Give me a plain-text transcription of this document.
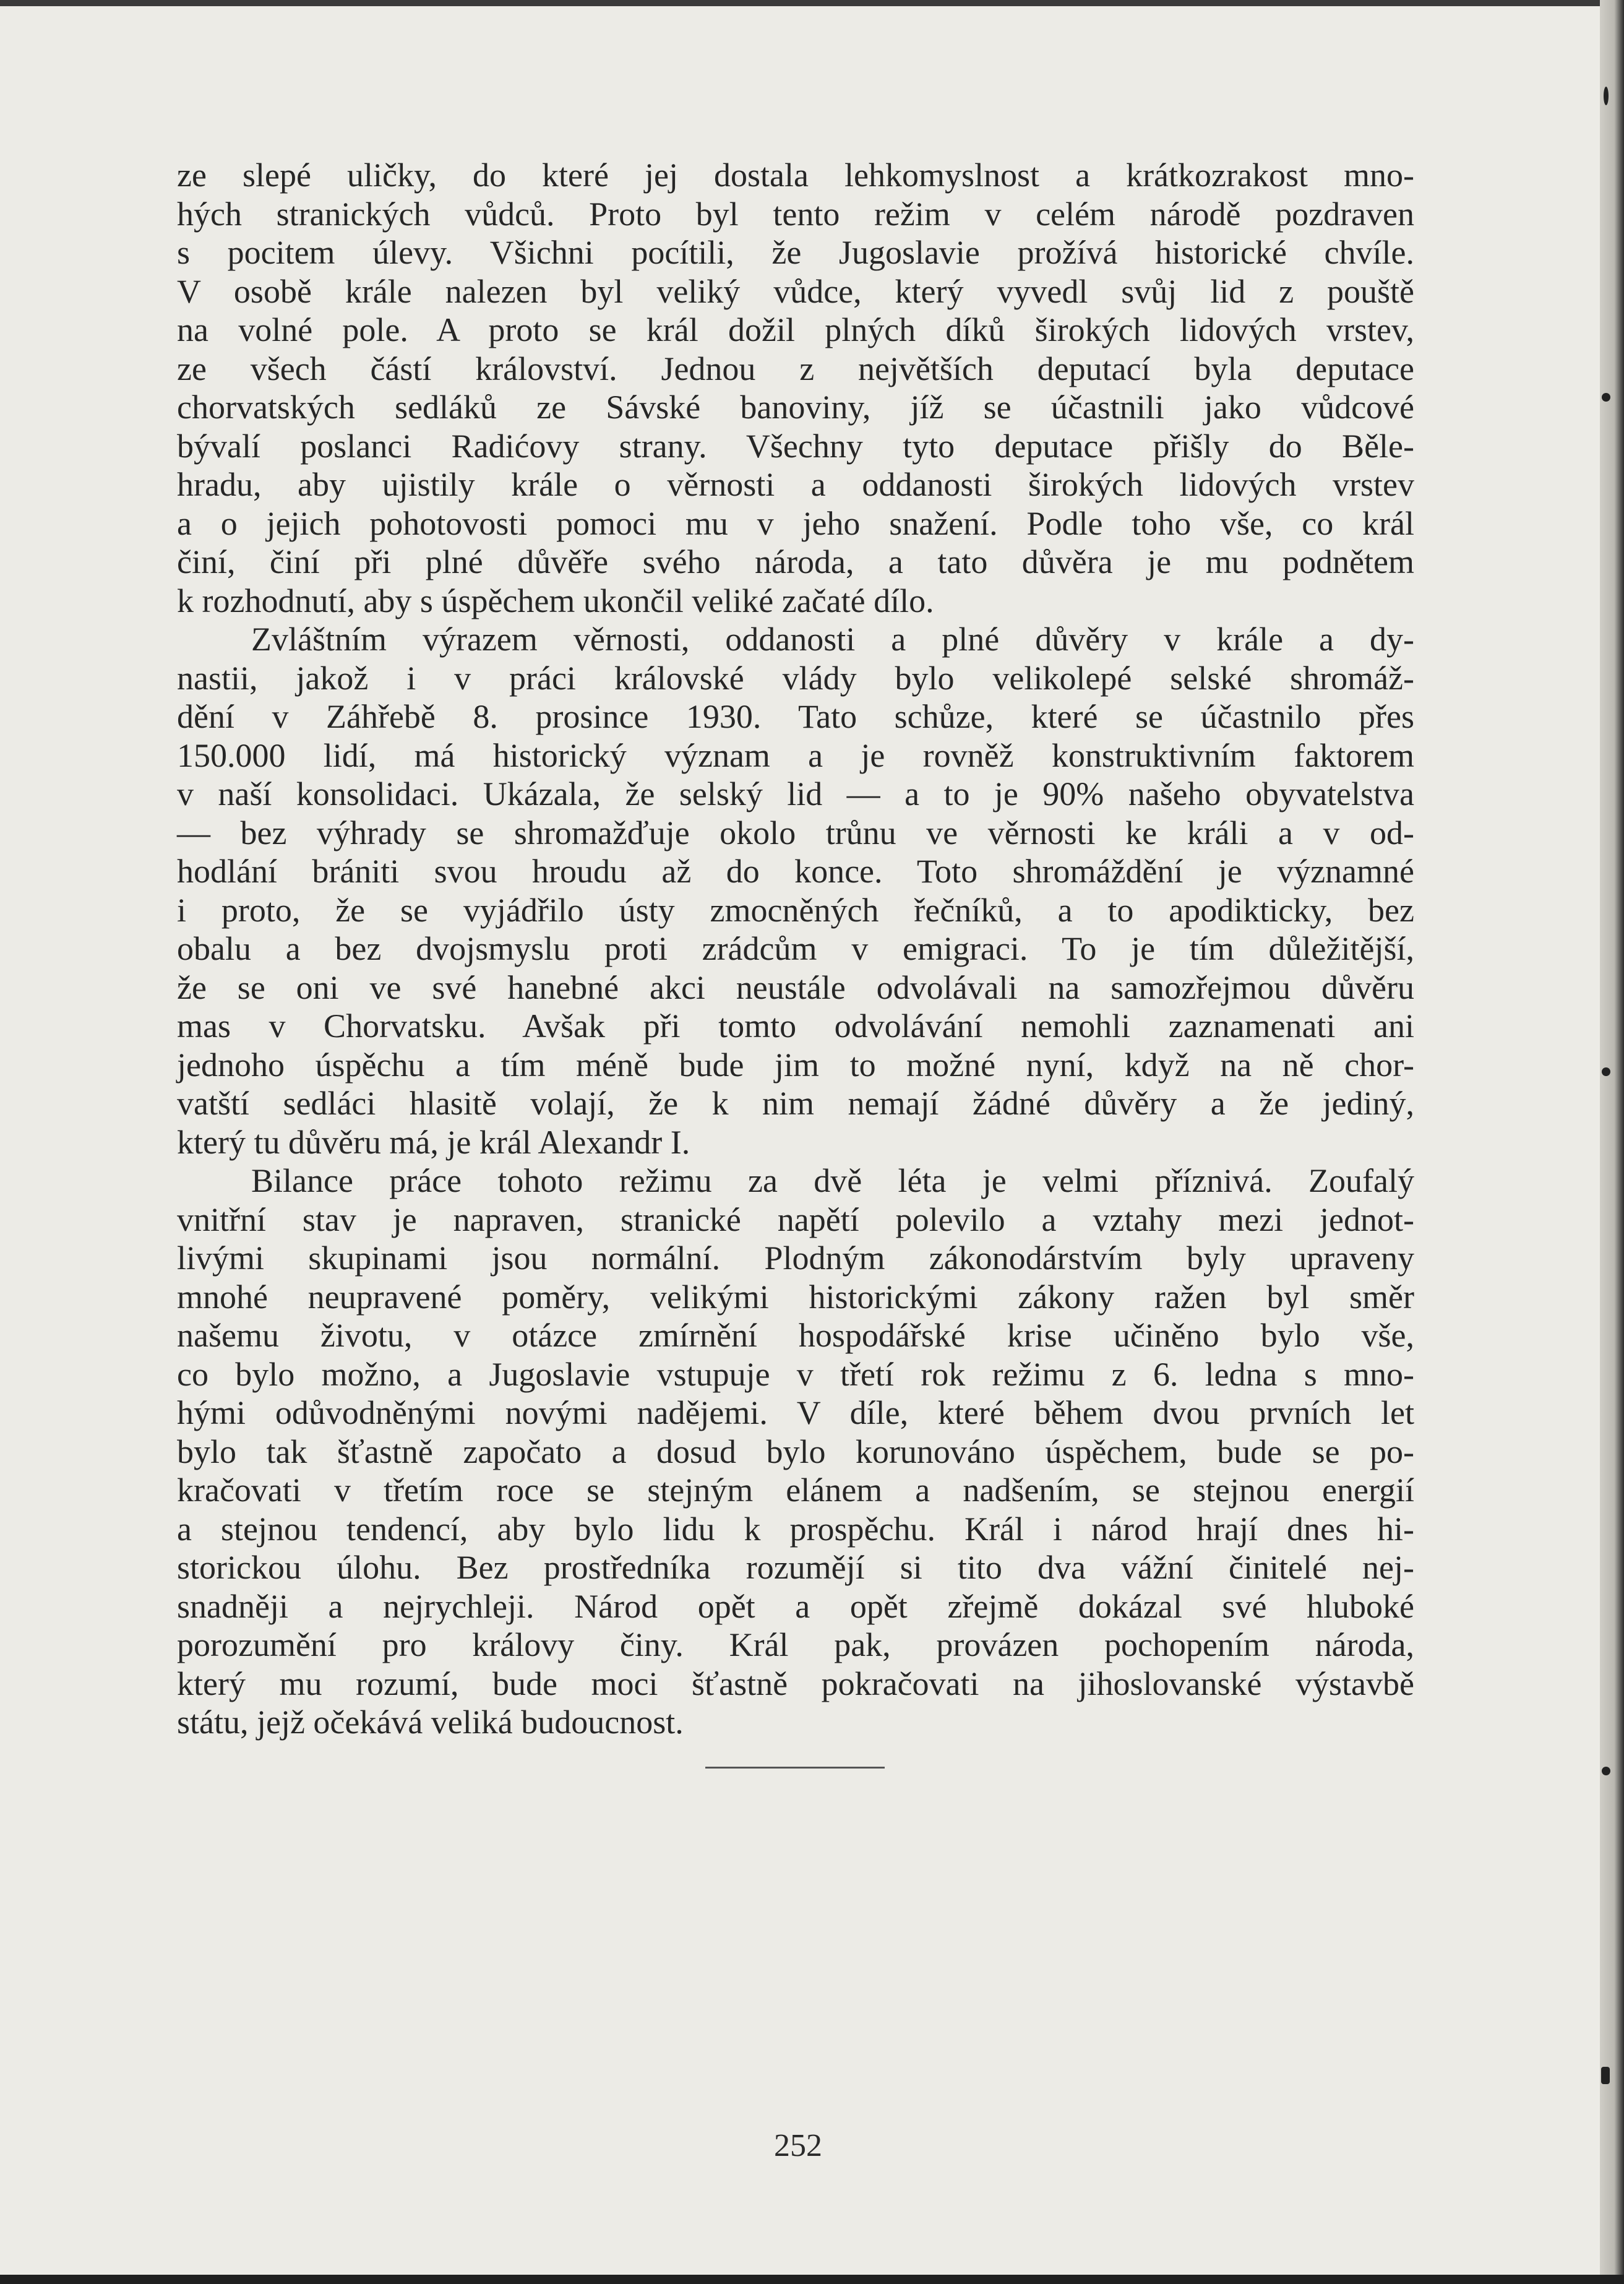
ze slepé uličky, do které jej dostala lehkomyslnost a krátkozrakost mno-
hých stranických vůdců. Proto byl tento režim v celém národě pozdraven
s pocitem úlevy. Všichni pocítili, že Jugoslavie prožívá historické chvíle.
V osobě krále nalezen byl veliký vůdce, který vyvedl svůj lid z pouště
na volné pole. A proto se král dožil plných díků širokých lidových vrstev,
ze všech částí království. Jednou z největších deputací byla deputace
chorvatských sedláků ze Sávské banoviny, jíž se účastnili jako vůdcové
bývalí poslanci Radićovy strany. Všechny tyto deputace přišly do Běle-
hradu, aby ujistily krále o věrnosti a oddanosti širokých lidových vrstev
a o jejich pohotovosti pomoci mu v jeho snažení. Podle toho vše, co král
činí, činí při plné důvěře svého národa, a tato důvěra je mu podnětem
k rozhodnutí, aby s úspěchem ukončil veliké začaté dílo.
Zvláštním výrazem věrnosti, oddanosti a plné důvěry v krále a dy-
nastii, jakož i v práci královské vlády bylo velikolepé selské shromáž-
dění v Záhřebě 8. prosince 1930. Tato schůze, které se účastnilo přes
150.000 lidí, má historický význam a je rovněž konstruktivním faktorem
v naší konsolidaci. Ukázala, že selský lid — a to je 90% našeho obyvatelstva
— bez výhrady se shromažďuje okolo trůnu ve věrnosti ke králi a v od-
hodlání brániti svou hroudu až do konce. Toto shromáždění je významné
i proto, že se vyjádřilo ústy zmocněných řečníků, a to apodikticky, bez
obalu a bez dvojsmyslu proti zrádcům v emigraci. To je tím důležitější,
že se oni ve své hanebné akci neustále odvolávali na samozřejmou důvěru
mas v Chorvatsku. Avšak při tomto odvolávání nemohli zaznamenati ani
jednoho úspěchu a tím méně bude jim to možné nyní, když na ně chor-
vatští sedláci hlasitě volají, že k nim nemají žádné důvěry a že jediný,
který tu důvěru má, je král Alexandr I.
Bilance práce tohoto režimu za dvě léta je velmi příznivá. Zoufalý
vnitřní stav je napraven, stranické napětí polevilo a vztahy mezi jednot-
livými skupinami jsou normální. Plodným zákonodárstvím byly upraveny
mnohé neupravené poměry, velikými historickými zákony ražen byl směr
našemu životu, v otázce zmírnění hospodářské krise učiněno bylo vše,
co bylo možno, a Jugoslavie vstupuje v třetí rok režimu z 6. ledna s mno-
hými odůvodněnými novými nadějemi. V díle, které během dvou prvních let
bylo tak šťastně započato a dosud bylo korunováno úspěchem, bude se po-
kračovati v třetím roce se stejným elánem a nadšením, se stejnou energií
a stejnou tendencí, aby bylo lidu k prospěchu. Král i národ hrají dnes hi-
storickou úlohu. Bez prostředníka rozumějí si tito dva vážní činitelé nej-
snadněji a nejrychleji. Národ opět a opět zřejmě dokázal své hluboké
porozumění pro královy činy. Král pak, provázen pochopením národa,
který mu rozumí, bude moci šťastně pokračovati na jihoslovanské výstavbě
státu, jejž očekává veliká budoucnost.
252
